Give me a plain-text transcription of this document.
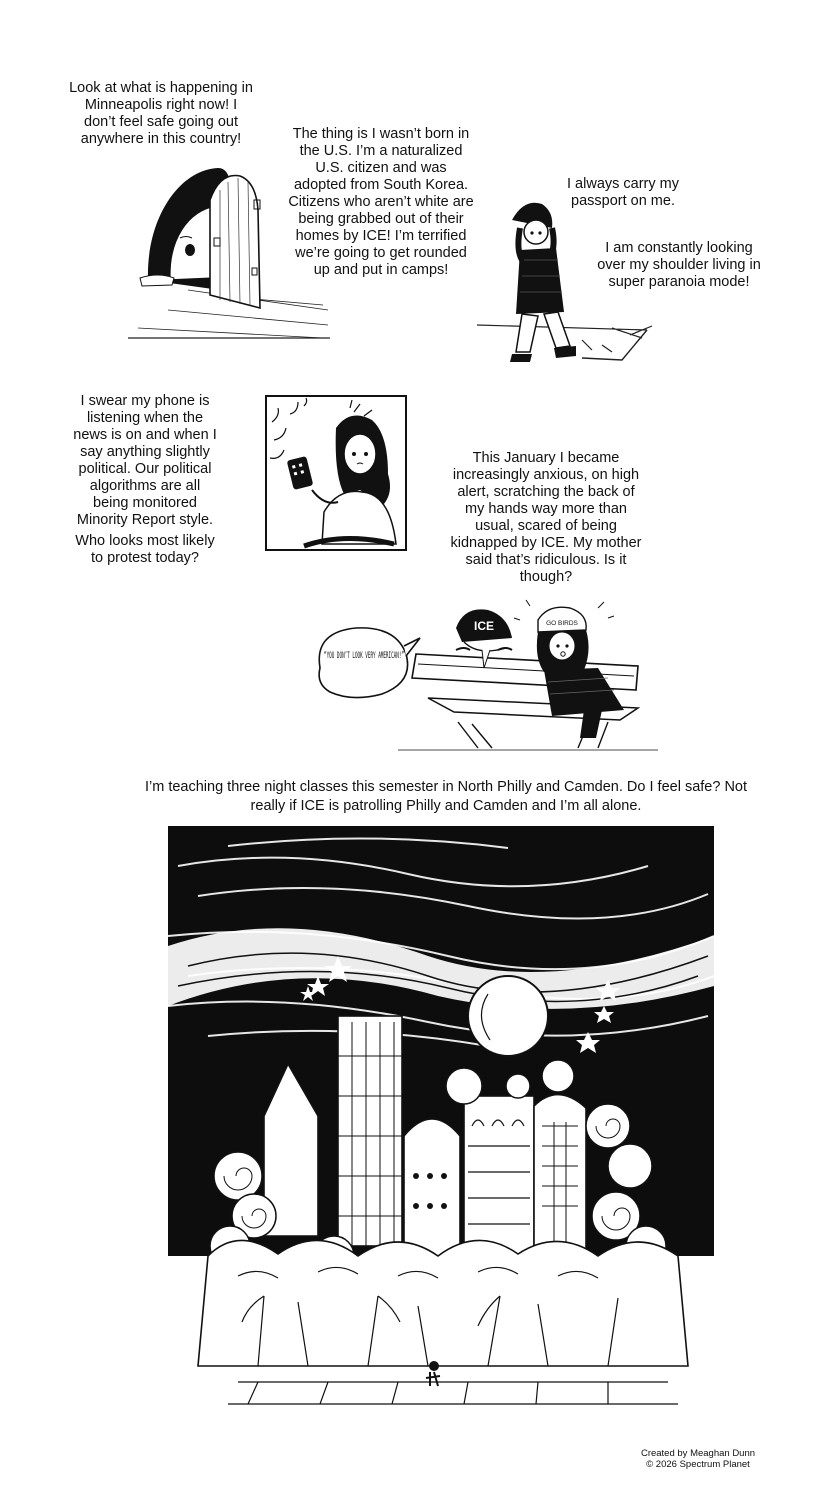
Look at what is happening in Minneapolis right now! I don’t feel safe going out anywhere in this country!	The thing is I wasn’t born in the U.S. I’m a naturalized U.S. citizen and was adopted from South Korea. Citizens who aren’t white are being grabbed out of their homes by ICE! I’m terrified we’re going to get rounded up and put in camps!

I always carry my passport on me.

I am constantly looking over my shoulder living in super paranoia mode!

I swear my phone is listening when the news is on and when I say anything slightly political. Our political algorithms are all being monitored Minority Report style.

Who looks most likely to protest today?

This January I became increasingly anxious, on high alert, scratching the back of my hands way more than usual, scared of being kidnapped by ICE. My mother said that’s ridiculous. Is it though?

“YOU DON’T LOOK VERY AMERICAN!”
ICE	GO BIRDS

I’m teaching three night classes this semester in North Philly and Camden. Do I feel safe? Not really if ICE is patrolling Philly and Camden and I’m all alone.

Created by Meaghan Dunn
© 2026 Spectrum Planet
